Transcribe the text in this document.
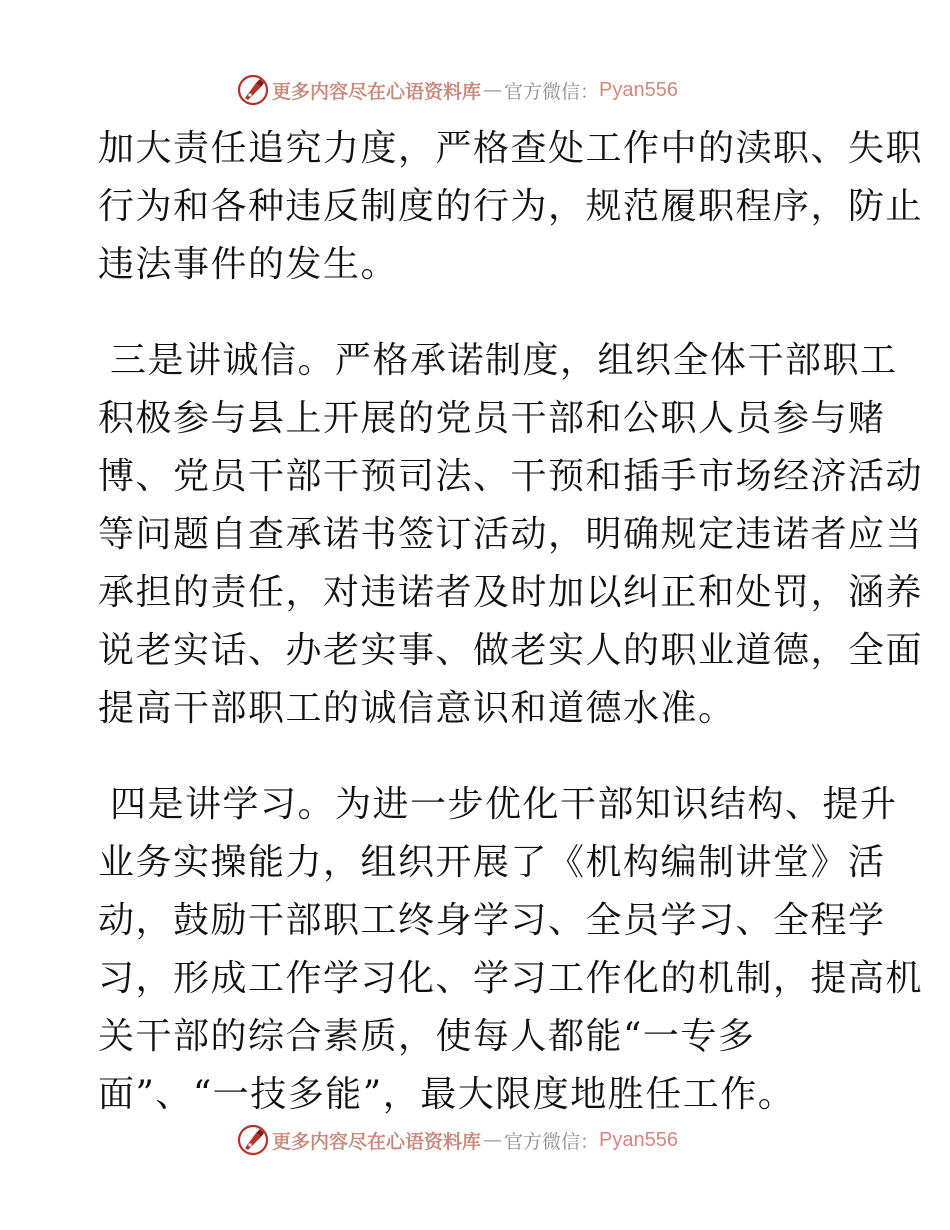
更多内容尽在心语资料库 — 官方微信： Pyan556
加大责任追究力度，严格查处工作中的渎职、失职
行为和各种违反制度的行为，规范履职程序，防止
违法事件的发生。
三是讲诚信。严格承诺制度，组织全体干部职工
积极参与县上开展的党员干部和公职人员参与赌
博、党员干部干预司法、干预和插手市场经济活动
等问题自查承诺书签订活动，明确规定违诺者应当
承担的责任，对违诺者及时加以纠正和处罚，涵养
说老实话、办老实事、做老实人的职业道德，全面
提高干部职工的诚信意识和道德水准。
四是讲学习。为进一步优化干部知识结构、提升
业务实操能力，组织开展了《机构编制讲堂》活
动，鼓励干部职工终身学习、全员学习、全程学
习，形成工作学习化、学习工作化的机制，提高机
关干部的综合素质，使每人都能“一专多
面”、“一技多能”，最大限度地胜任工作。
更多内容尽在心语资料库 — 官方微信： Pyan556
